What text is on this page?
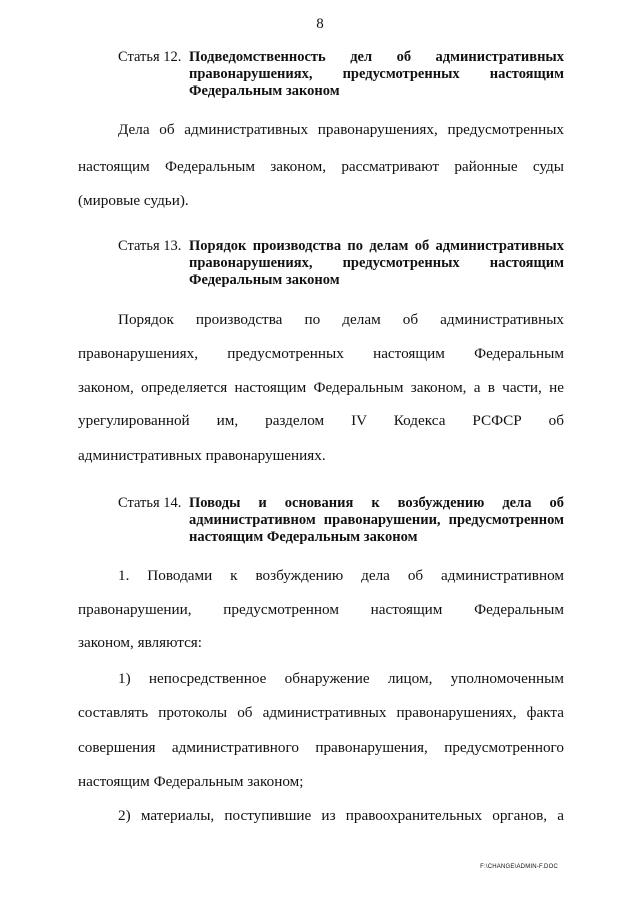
8
Статья 12. Подведомственность дел об административных правонарушениях, предусмотренных настоящим Федеральным законом
Дела об административных правонарушениях, предусмотренных
настоящим Федеральным законом, рассматривают районные суды
(мировые судьи).
Статья 13. Порядок производства по делам об административных правонарушениях, предусмотренных настоящим Федеральным законом
Порядок производства по делам об административных
правонарушениях, предусмотренных настоящим Федеральным
законом, определяется настоящим Федеральным законом, а в части, не
урегулированной им, разделом IV Кодекса РСФСР об
административных правонарушениях.
Статья 14. Поводы и основания к возбуждению дела об административном правонарушении, предусмотренном настоящим Федеральным законом
1. Поводами к возбуждению дела об административном
правонарушении, предусмотренном настоящим Федеральным
законом, являются:
1) непосредственное обнаружение лицом, уполномоченным
составлять протоколы об административных правонарушениях, факта
совершения административного правонарушения, предусмотренного
настоящим Федеральным законом;
2) материалы, поступившие из правоохранительных органов, а
F:\CHANGE\ADMIN-F.DOC
